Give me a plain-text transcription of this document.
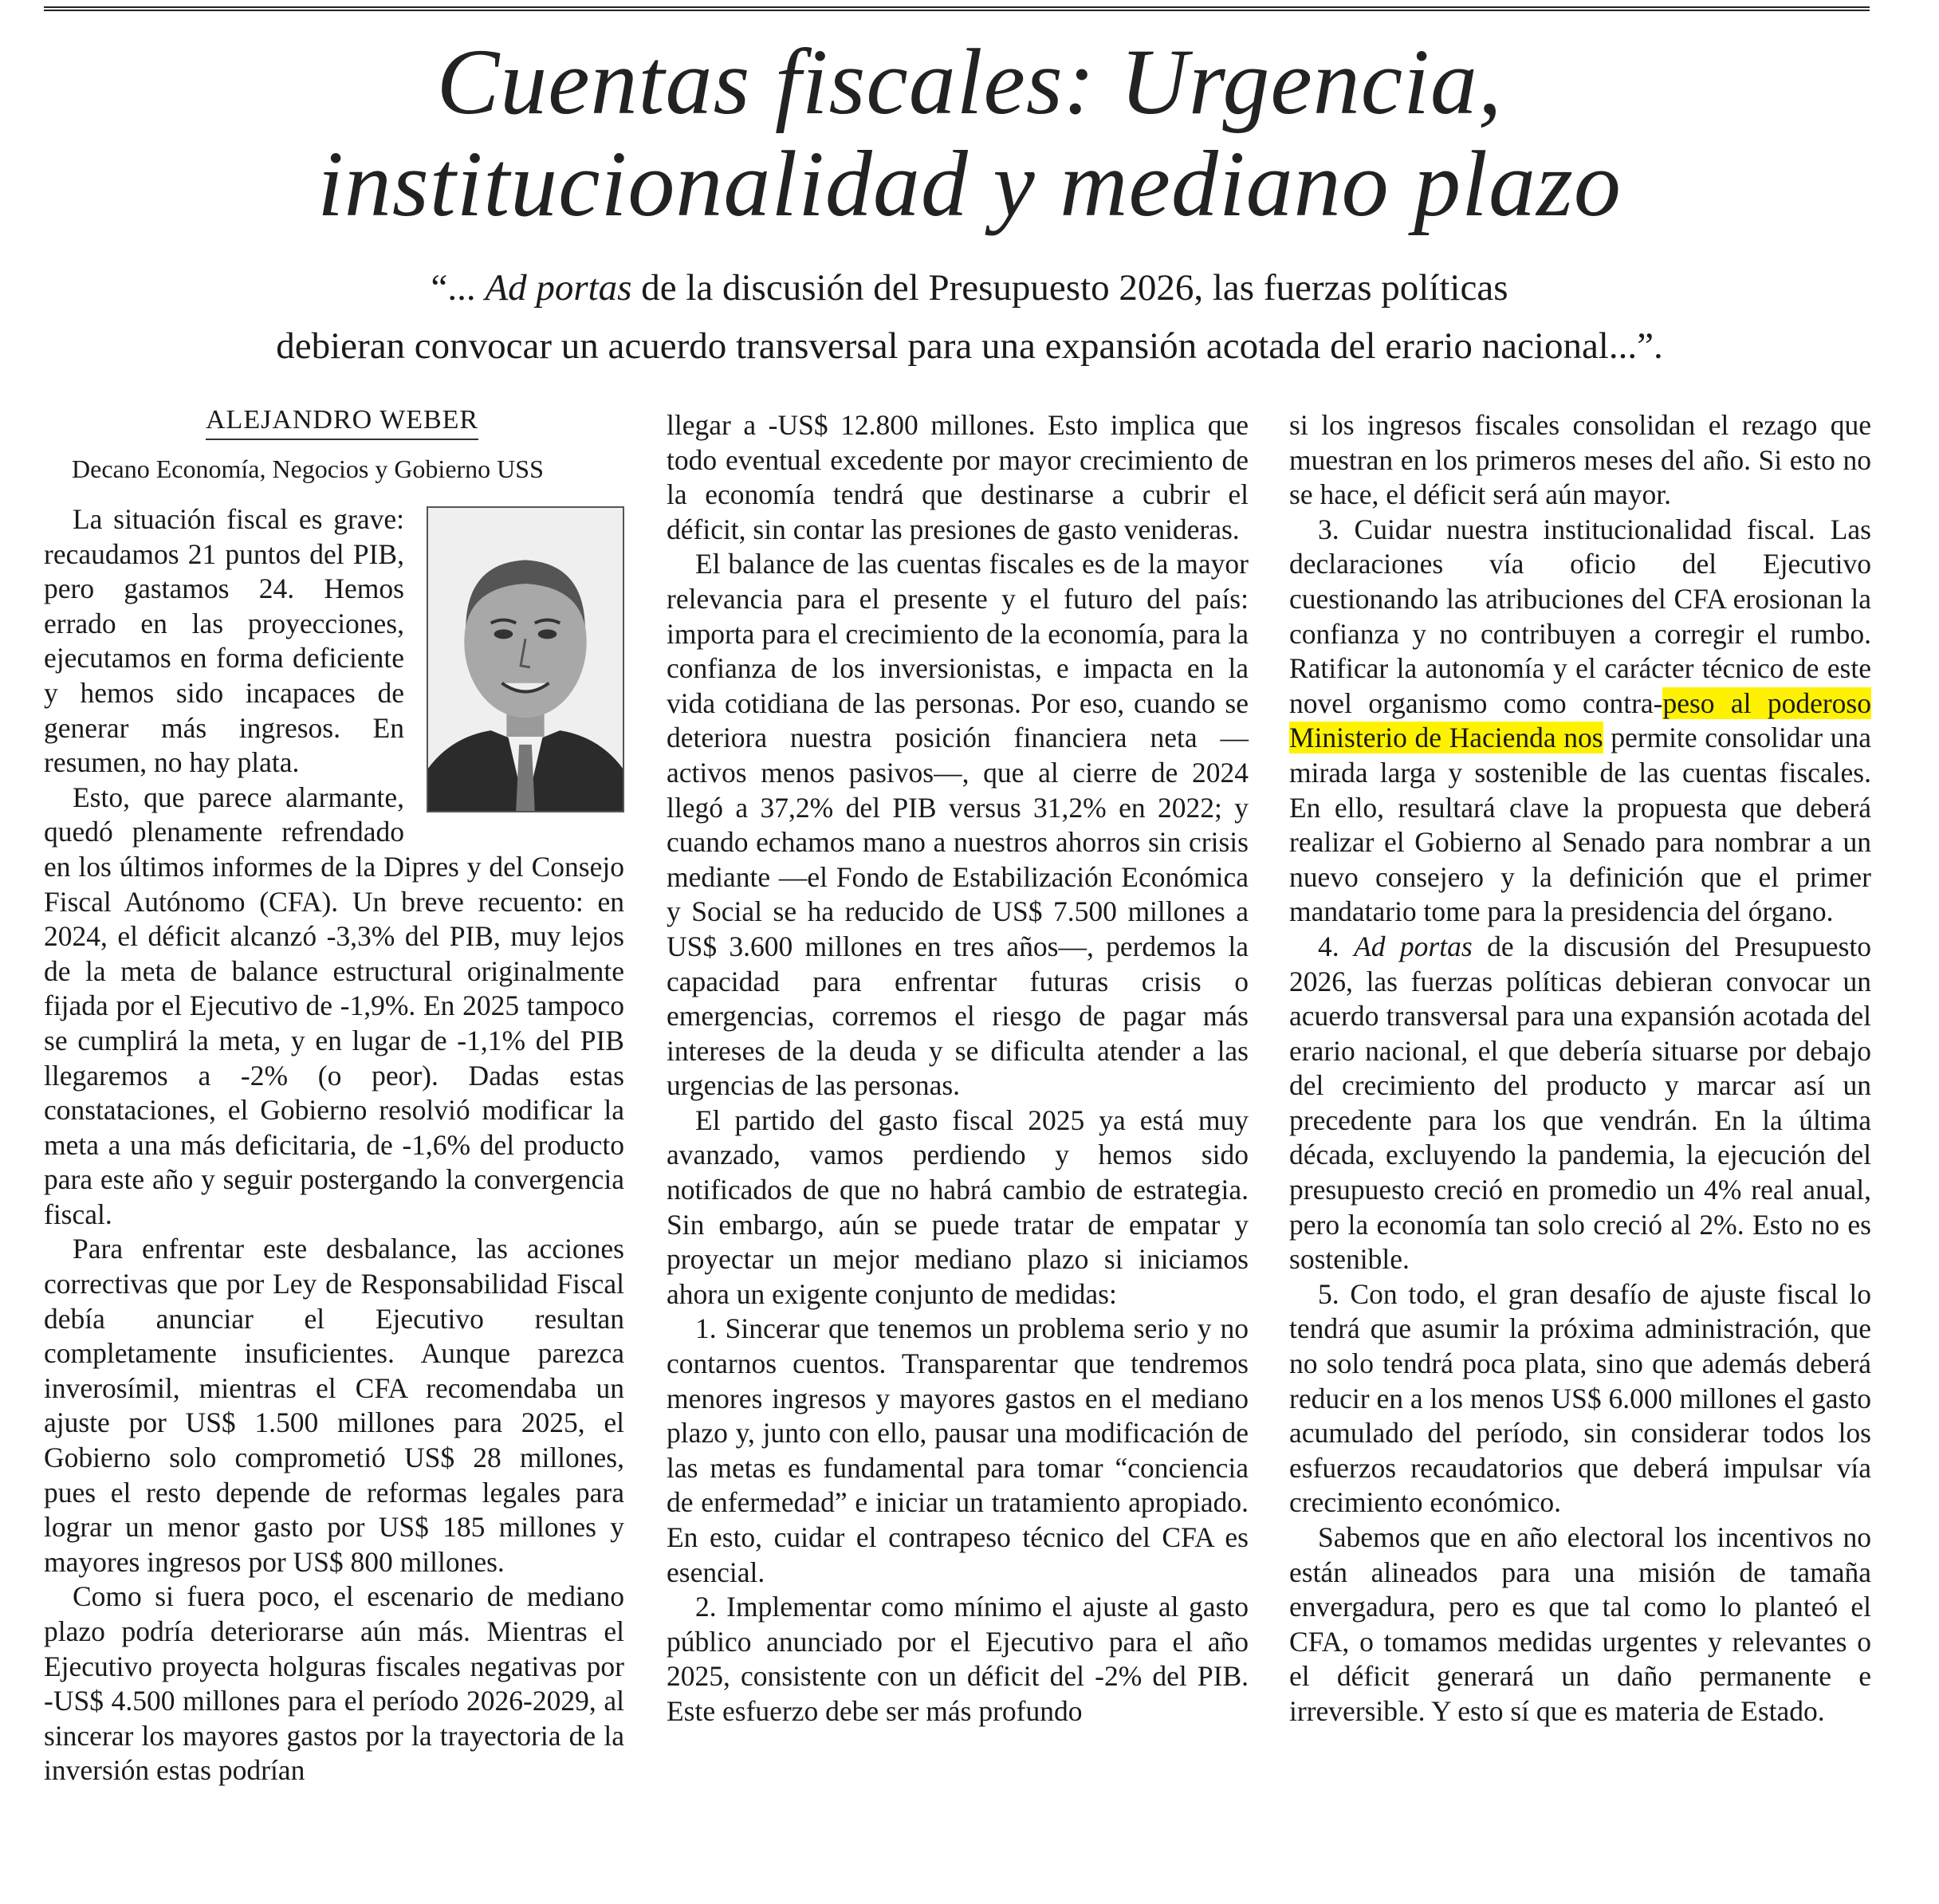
Cuentas fiscales: Urgencia,
institucionalidad y mediano plazo

“... Ad portas de la discusión del Presupuesto 2026, las fuerzas políticas

debieran convocar un acuerdo transversal para una expansión acotada del erario nacional...”.

ALEJANDRO WEBER
Decano Economía, Negocios y Gobierno USS

La situación fiscal es grave: recaudamos 21 puntos del PIB, pero gastamos 24. Hemos errado en las proyecciones, ejecutamos en forma deficiente y hemos sido incapaces de generar más ingresos. En resumen, no hay plata.

Esto, que parece alarmante, quedó plenamente refrendado en los últimos informes de la Dipres y del Consejo Fiscal Autónomo (CFA). Un breve recuento: en 2024, el déficit alcanzó -3,3% del PIB, muy lejos de la meta de balance estructural originalmente fijada por el Ejecutivo de -1,9%. En 2025 tampoco se cumplirá la meta, y en lugar de -1,1% del PIB llegaremos a -2% (o peor). Dadas estas constataciones, el Gobierno resolvió modificar la meta a una más deficitaria, de -1,6% del producto para este año y seguir postergando la convergencia fiscal.

Para enfrentar este desbalance, las acciones correctivas que por Ley de Responsabilidad Fiscal debía anunciar el Ejecutivo resultan completamente insuficientes. Aunque parezca inverosímil, mientras el CFA recomendaba un ajuste por US$ 1.500 millones para 2025, el Gobierno solo comprometió US$ 28 millones, pues el resto depende de reformas legales para lograr un menor gasto por US$ 185 millones y mayores ingresos por US$ 800 millones.

Como si fuera poco, el escenario de mediano plazo podría deteriorarse aún más. Mientras el Ejecutivo proyecta holguras fiscales negativas por -US$ 4.500 millones para el período 2026-2029, al sincerar los mayores gastos por la trayectoria de la inversión estas podrían

llegar a -US$ 12.800 millones. Esto implica que todo eventual excedente por mayor crecimiento de la economía tendrá que destinarse a cubrir el déficit, sin contar las presiones de gasto venideras.

El balance de las cuentas fiscales es de la mayor relevancia para el presente y el futuro del país: importa para el crecimiento de la economía, para la confianza de los inversionistas, e impacta en la vida cotidiana de las personas. Por eso, cuando se deteriora nuestra posición financiera neta —activos menos pasivos—, que al cierre de 2024 llegó a 37,2% del PIB versus 31,2% en 2022; y cuando echamos mano a nuestros ahorros sin crisis mediante —el Fondo de Estabilización Económica y Social se ha reducido de US$ 7.500 millones a US$ 3.600 millones en tres años—, perdemos la capacidad para enfrentar futuras crisis o emergencias, corremos el riesgo de pagar más intereses de la deuda y se dificulta atender a las urgencias de las personas.

El partido del gasto fiscal 2025 ya está muy avanzado, vamos perdiendo y hemos sido notificados de que no habrá cambio de estrategia. Sin embargo, aún se puede tratar de empatar y proyectar un mejor mediano plazo si iniciamos ahora un exigente conjunto de medidas:

1. Sincerar que tenemos un problema serio y no contarnos cuentos. Transparentar que tendremos menores ingresos y mayores gastos en el mediano plazo y, junto con ello, pausar una modificación de las metas es fundamental para tomar “conciencia de enfermedad” e iniciar un tratamiento apropiado. En esto, cuidar el contrapeso técnico del CFA es esencial.

2. Implementar como mínimo el ajuste al gasto público anunciado por el Ejecutivo para el año 2025, consistente con un déficit del -2% del PIB. Este esfuerzo debe ser más profundo

si los ingresos fiscales consolidan el rezago que muestran en los primeros meses del año. Si esto no se hace, el déficit será aún mayor.

3. Cuidar nuestra institucionalidad fiscal. Las declaraciones vía oficio del Ejecutivo cuestionando las atribuciones del CFA erosionan la confianza y no contribuyen a corregir el rumbo. Ratificar la autonomía y el carácter técnico de este novel organismo como contra-peso al poderoso Ministerio de Hacienda nos permite consolidar una mirada larga y sostenible de las cuentas fiscales. En ello, resultará clave la propuesta que deberá realizar el Gobierno al Senado para nombrar a un nuevo consejero y la definición que el primer mandatario tome para la presidencia del órgano.

4. Ad portas de la discusión del Presupuesto 2026, las fuerzas políticas debieran convocar un acuerdo transversal para una expansión acotada del erario nacional, el que debería situarse por debajo del crecimiento del producto y marcar así un precedente para los que vendrán. En la última década, excluyendo la pandemia, la ejecución del presupuesto creció en promedio un 4% real anual, pero la economía tan solo creció al 2%. Esto no es sostenible.

5. Con todo, el gran desafío de ajuste fiscal lo tendrá que asumir la próxima administración, que no solo tendrá poca plata, sino que además deberá reducir en a los menos US$ 6.000 millones el gasto acumulado del período, sin considerar todos los esfuerzos recaudatorios que deberá impulsar vía crecimiento económico.

Sabemos que en año electoral los incentivos no están alineados para una misión de tamaña envergadura, pero es que tal como lo planteó el CFA, o tomamos medidas urgentes y relevantes o el déficit generará un daño permanente e irreversible. Y esto sí que es materia de Estado.
